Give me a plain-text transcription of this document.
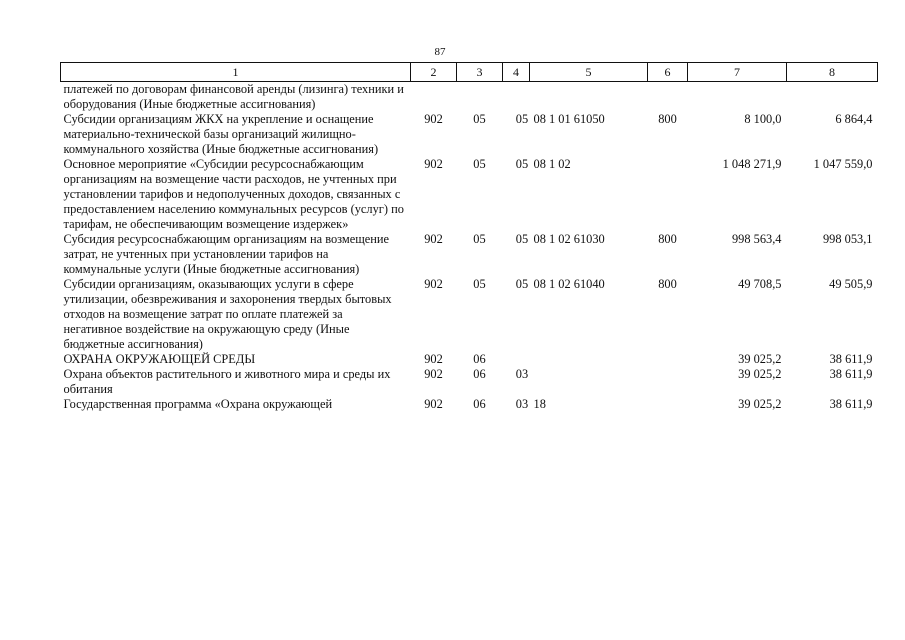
87
1	2	3	4	5	6	7	8
платежей по договорам финансовой аренды (лизинга) техники и оборудования (Иные бюджетные ассигнования)							
Субсидии организациям ЖКХ на укрепление и оснащение материально-технической базы организаций жилищно-коммунального хозяйства (Иные бюджетные ассигнования)	902	05	05	08 1 01 61050	800	8 100,0	6 864,4
Основное мероприятие «Субсидии ресурсоснабжающим организациям на возмещение части расходов, не учтенных при установлении тарифов и недополученных доходов, связанных с предоставлением населению коммунальных ресурсов (услуг) по тарифам, не обеспечивающим возмещение издержек»	902	05	05	08 1 02		1 048 271,9	1 047 559,0
Субсидия ресурсоснабжающим организациям на возмещение затрат, не учтенных при установлении тарифов на коммунальные услуги (Иные бюджетные ассигнования)	902	05	05	08 1 02 61030	800	998 563,4	998 053,1
Субсидии организациям, оказывающих услуги в сфере утилизации, обезвреживания и захоронения твердых бытовых отходов на возмещение затрат по оплате платежей за негативное воздействие на окружающую среду (Иные бюджетные ассигнования)	902	05	05	08 1 02 61040	800	49 708,5	49 505,9
ОХРАНА ОКРУЖАЮЩЕЙ СРЕДЫ	902	06				39 025,2	38 611,9
Охрана объектов растительного и животного мира и среды их обитания	902	06	03			39 025,2	38 611,9
Государственная программа «Охрана окружающей	902	06	03	18		39 025,2	38 611,9
